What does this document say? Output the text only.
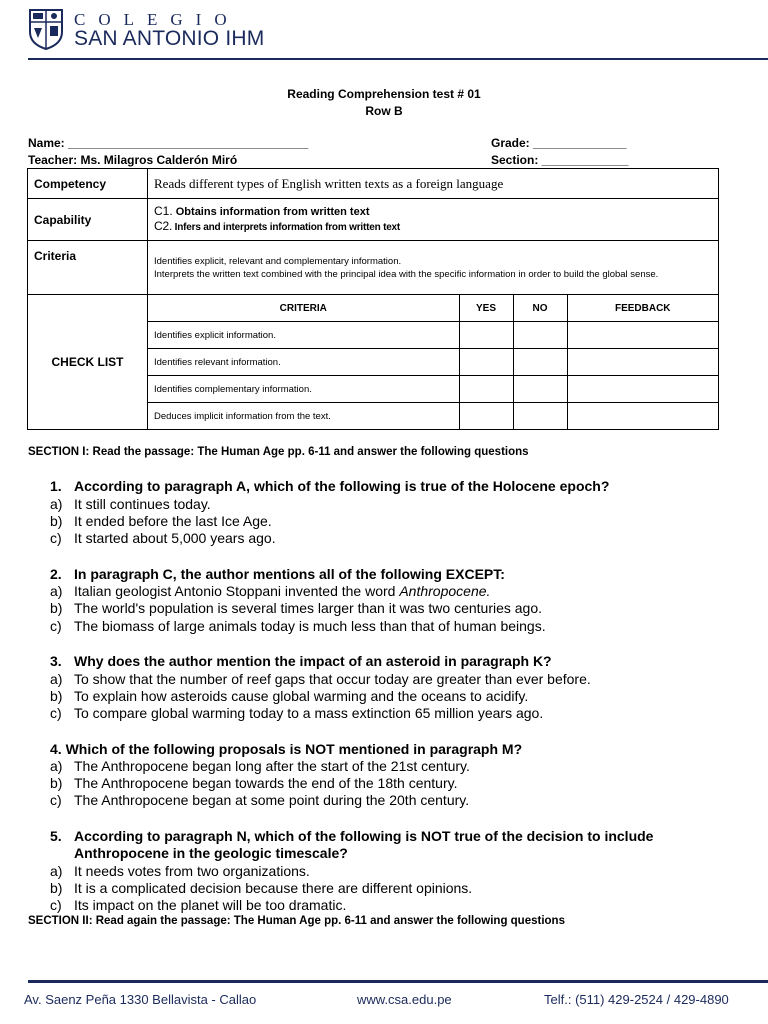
COLEGIO
SAN ANTONIO IHM
Reading Comprehension test # 01
Row B
Name: ____________________________________	Grade: ______________
Teacher: Ms. Milagros Calderón Miró	Section: _____________
Competency	Reads different types of English written texts as a foreign language
Capability	
C1. Obtains information from written text
C2. Infers and interprets information from written text

Criteria	Identifies explicit, relevant and complementary information.
Interprets the written text combined with the principal idea with the specific information in order to build the global sense.

CHECK LIST	
CRITERIA	YES	NO	FEEDBACK
Identifies explicit information.			
Identifies relevant information.			
Identifies complementary information.			
Deduces implicit information from the text.			
SECTION I: Read the passage: The Human Age pp. 6-11 and answer the following questions
1. According to paragraph A, which of the following is true of the Holocene epoch?
a) It still continues today.
b) It ended before the last Ice Age.
c) It started about 5,000 years ago.
2. In paragraph C, the author mentions all of the following EXCEPT:
a) Italian geologist Antonio Stoppani invented the word Anthropocene.
b) The world's population is several times larger than it was two centuries ago.
c) The biomass of large animals today is much less than that of human beings.
3. Why does the author mention the impact of an asteroid in paragraph K?
a) To show that the number of reef gaps that occur today are greater than ever before.
b) To explain how asteroids cause global warming and the oceans to acidify.
c) To compare global warming today to a mass extinction 65 million years ago.
4. Which of the following proposals is NOT mentioned in paragraph M?
a) The Anthropocene began long after the start of the 21st century.
b) The Anthropocene began towards the end of the 18th century.
c) The Anthropocene began at some point during the 20th century.
5. According to paragraph N, which of the following is NOT true of the decision to include Anthropocene in the geologic timescale?
a) It needs votes from two organizations.
b) It is a complicated decision because there are different opinions.
c) Its impact on the planet will be too dramatic.
SECTION II: Read again the passage: The Human Age pp. 6-11 and answer the following questions
Av. Saenz Peña 1330 Bellavista - Callao	www.csa.edu.pe	Telf.: (511) 429-2524 / 429-4890
